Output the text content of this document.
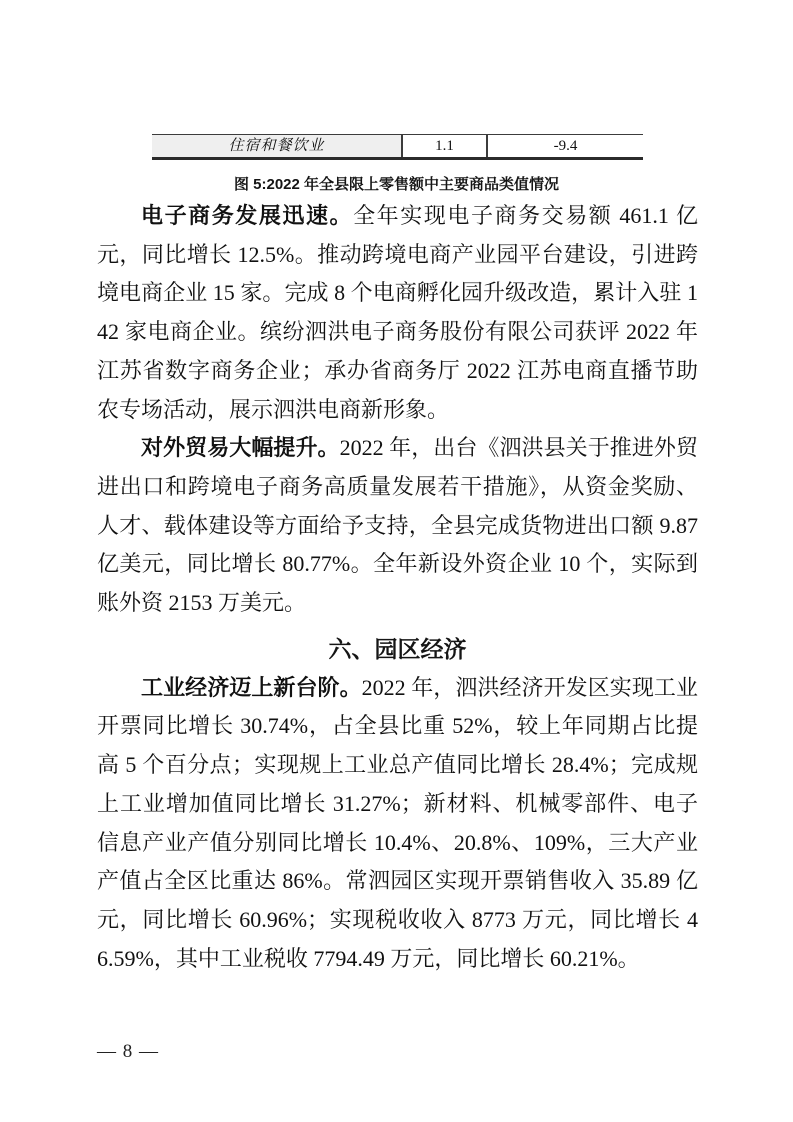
住宿和餐饮业	1.1	-9.4
图 5:2022 年全县限上零售额中主要商品类值情况

电子商务发展迅速。全年实现电子商务交易额 461.1 亿元，同比增长 12.5%。推动跨境电商产业园平台建设，引进跨境电商企业 15 家。完成 8 个电商孵化园升级改造，累计入驻 142 家电商企业。缤纷泗洪电子商务股份有限公司获评 2022 年江苏省数字商务企业；承办省商务厅 2022 江苏电商直播节助农专场活动，展示泗洪电商新形象。

对外贸易大幅提升。2022 年，出台《泗洪县关于推进外贸进出口和跨境电子商务高质量发展若干措施》，从资金奖励、人才、载体建设等方面给予支持，全县完成货物进出口额 9.87 亿美元，同比增长 80.77%。全年新设外资企业 10 个，实际到账外资 2153 万美元。

六、园区经济

工业经济迈上新台阶。2022 年，泗洪经济开发区实现工业开票同比增长 30.74%，占全县比重 52%，较上年同期占比提高 5 个百分点；实现规上工业总产值同比增长 28.4%；完成规上工业增加值同比增长 31.27%；新材料、机械零部件、电子信息产业产值分别同比增长 10.4%、20.8%、109%，三大产业产值占全区比重达 86%。常泗园区实现开票销售收入 35.89 亿元，同比增长 60.96%；实现税收收入 8773 万元，同比增长 46.59%，其中工业税收 7794.49 万元，同比增长 60.21%。

— 8 —
